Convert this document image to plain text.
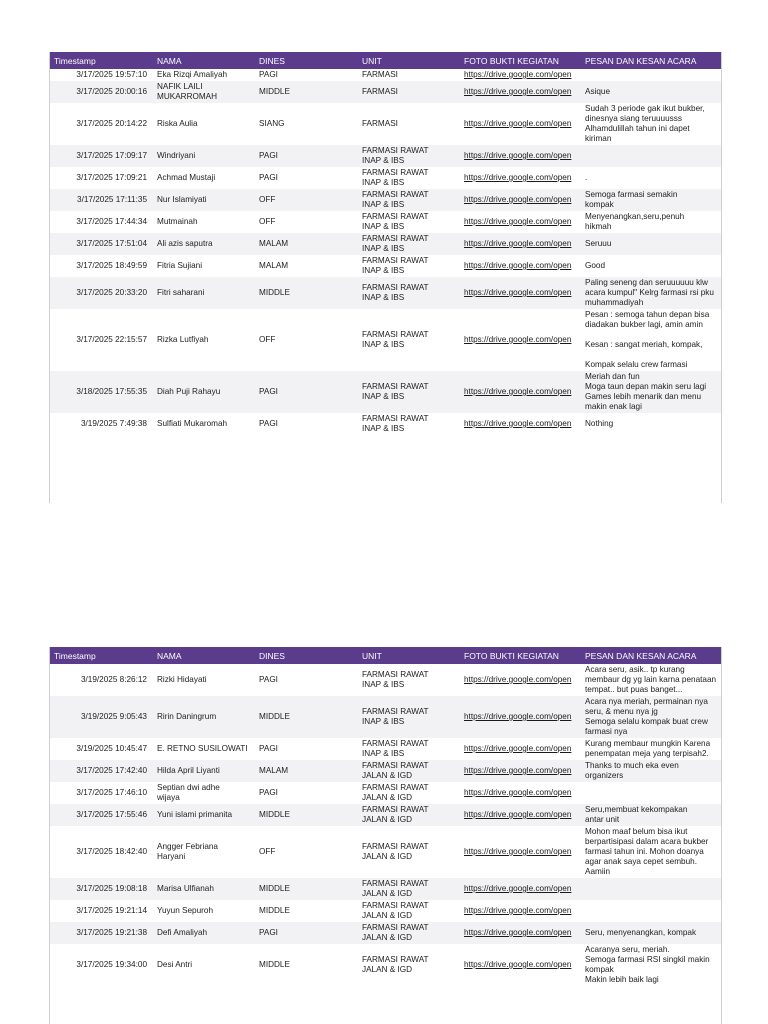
Timestamp	NAMA	DINES	UNIT	FOTO BUKTI KEGIATAN	PESAN DAN KESAN ACARA
3/17/2025 19:57:10	Eka Rizqi Amaliyah	PAGI	FARMASI	https://drive.google.com/open	

3/17/2025 20:00:16	NAFIK LAILI
MUKARROMAH	MIDDLE	FARMASI	https://drive.google.com/open	Asique
3/17/2025 20:14:22	Riska Aulia	SIANG	FARMASI	https://drive.google.com/open	Sudah 3 periode gak ikut bukber, dinesnya siang teruuuusss
Alhamdulillah tahun ini dapet kiriman
3/17/2025 17:09:17	Windriyani	PAGI	FARMASI RAWAT
INAP & IBS	https://drive.google.com/open	

3/17/2025 17:09:21	Achmad Mustaji	PAGI	FARMASI RAWAT
INAP & IBS	https://drive.google.com/open	.
3/17/2025 17:11:35	Nur Islamiyati	OFF	FARMASI RAWAT
INAP & IBS	https://drive.google.com/open	Semoga farmasi semakin
kompak
3/17/2025 17:44:34	Mutmainah	OFF	FARMASI RAWAT
INAP & IBS	https://drive.google.com/open	Menyenangkan,seru,penuh
hikmah
3/17/2025 17:51:04	Ali azis saputra	MALAM	FARMASI RAWAT
INAP & IBS	https://drive.google.com/open	Seruuu
3/17/2025 18:49:59	Fitria Sujiani	MALAM	FARMASI RAWAT
INAP & IBS	https://drive.google.com/open	Good
3/17/2025 20:33:20	Fitri saharani	MIDDLE	FARMASI RAWAT
INAP & IBS	https://drive.google.com/open	Paling seneng dan seruuuuuu klw acara kumpul" Kelrg farmasi rsi pku muhammadiyah
3/17/2025 22:15:57	Rizka Lutfiyah	OFF	FARMASI RAWAT
INAP & IBS	https://drive.google.com/open	Pesan : semoga tahun depan bisa diadakan bukber lagi, amin amin

Kesan : sangat meriah, kompak,

Kompak selalu crew farmasi

3/18/2025 17:55:35	Diah Puji Rahayu	PAGI	FARMASI RAWAT
INAP & IBS	https://drive.google.com/open	Meriah dan fun
Moga taun depan makin seru lagi
Games lebih menarik dan menu makin enak lagi
3/19/2025 7:49:38	Sulfiati Mukaromah	PAGI	FARMASI RAWAT
INAP & IBS	https://drive.google.com/open	Nothing
Timestamp	NAMA	DINES	UNIT	FOTO BUKTI KEGIATAN	PESAN DAN KESAN ACARA
3/19/2025 8:26:12	Rizki Hidayati	PAGI	FARMASI RAWAT
INAP & IBS	https://drive.google.com/open	Acara seru, asik.. tp kurang membaur dg yg lain karna penataan tempat.. but puas banget...
3/19/2025 9:05:43	Ririn Daningrum	MIDDLE	FARMASI RAWAT
INAP & IBS	https://drive.google.com/open	Acara nya meriah, permainan nya seru, & menu nya jg
Semoga selalu kompak buat crew farmasi nya
3/19/2025 10:45:47	E. RETNO SUSILOWATI	PAGI	FARMASI RAWAT
INAP & IBS	https://drive.google.com/open	Kurang membaur mungkin Karena penempatan meja yang terpisah2.
3/17/2025 17:42:40	Hilda April Liyanti	MALAM	FARMASI RAWAT
JALAN & IGD	https://drive.google.com/open	Thanks to much eka even organizers
3/17/2025 17:46:10	Septian dwi adhe
wijaya	PAGI	FARMASI RAWAT
JALAN & IGD	https://drive.google.com/open	

3/17/2025 17:55:46	Yuni islami primanita	MIDDLE	FARMASI RAWAT
JALAN & IGD	https://drive.google.com/open	Seru,membuat kekompakan
antar unit
3/17/2025 18:42:40	Angger Febriana
Haryani	OFF	FARMASI RAWAT
JALAN & IGD	https://drive.google.com/open	Mohon maaf belum bisa ikut berpartisipasi dalam acara bukber farmasi tahun ini. Mohon doanya agar anak saya cepet sembuh. Aamiin
3/17/2025 19:08:18	Marisa Ulfianah	MIDDLE	FARMASI RAWAT
JALAN & IGD	https://drive.google.com/open	

3/17/2025 19:21:14	Yuyun Sepuroh	MIDDLE	FARMASI RAWAT
JALAN & IGD	https://drive.google.com/open	

3/17/2025 19:21:38	Defi Amaliyah	PAGI	FARMASI RAWAT
JALAN & IGD	https://drive.google.com/open	Seru, menyenangkan, kompak
3/17/2025 19:34:00	Desi Antri	MIDDLE	FARMASI RAWAT
JALAN & IGD	https://drive.google.com/open	Acaranya seru, meriah.
Semoga farmasi RSI singkil makin kompak
Makin lebih baik lagi
